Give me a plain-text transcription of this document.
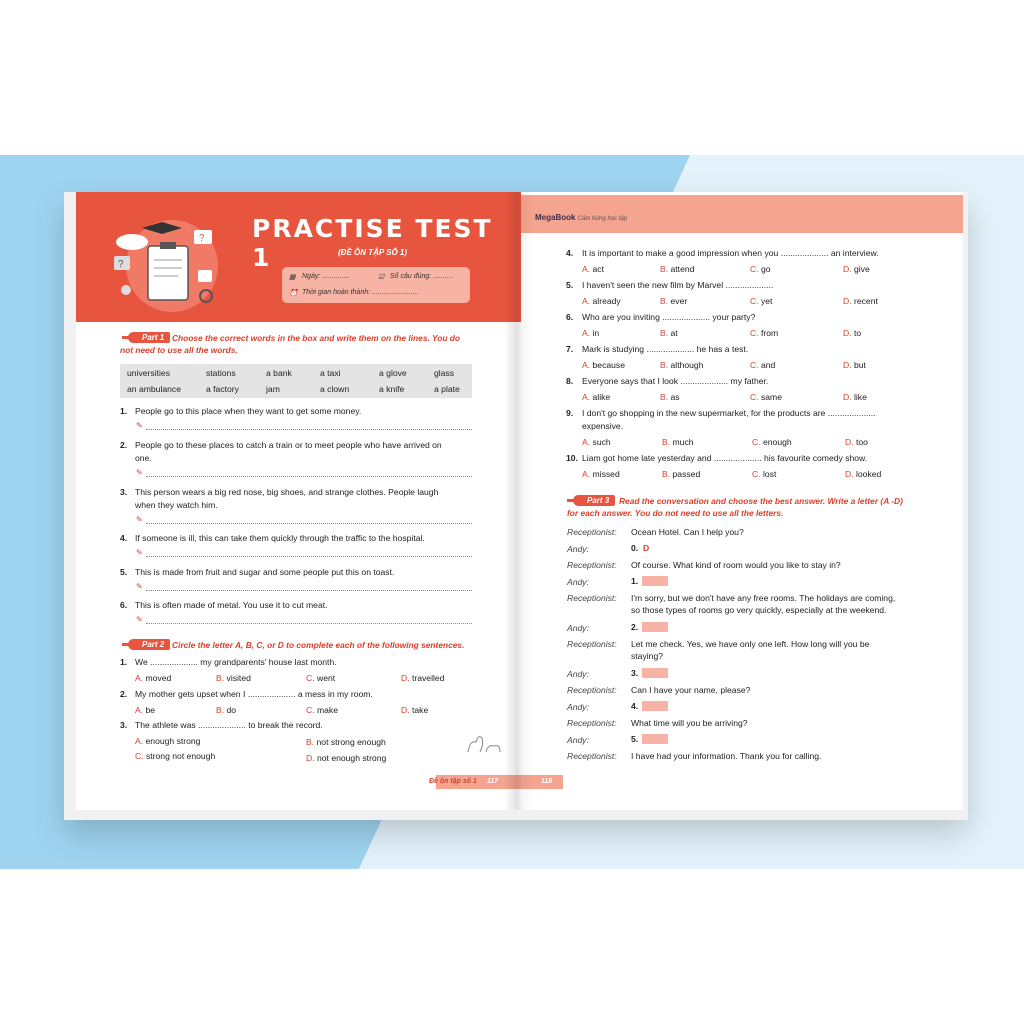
?
?
PRACTISE TEST 1	(ĐỀ ÔN TẬP SỐ 1)
▦ Ngày: ..............	☑ Số câu đúng: ..........
⏰ Thời gian hoàn thành: ........................
Part 1 Choose the correct words in the box and write them on the lines. You do
not need to use all the words.
universities	stations	a bank	a taxi	a glove	glass
an ambulance	a factory	jam	a clown	a knife	a plate
1. People go to this place when they want to get some money.
✎
2. People go to these places to catch a train or to meet people who have arrived on
one.
✎
3. This person wears a big red nose, big shoes, and strange clothes. People laugh
when they watch him.
✎
4. If someone is ill, this can take them quickly through the traffic to the hospital.
✎
5. This is made from fruit and sugar and some people put this on toast.
✎
6. This is often made of metal. You use it to cut meat.
✎
Part 2 Circle the letter A, B, C, or D to complete each of the following sentences.
1. We .................... my grandparents' house last month.
A. moved	B. visited	C. went	D. travelled
2. My mother gets upset when I .................... a mess in my room.
A. be	B. do	C. make	D. take
3. The athlete was .................... to break the record.
A. enough strong	B. not strong enough
C. strong not enough	D. not enough strong
Đề ôn tập số 1 117
MegaBook Cảm hứng học tập
4. It is important to make a good impression when you .................... an interview.
A. act	B. attend	C. go	D. give
5. I haven't seen the new film by Marvel ....................
A. already	B. ever	C. yet	D. recent
6. Who are you inviting .................... your party?
A. in	B. at	C. from	D. to
7. Mark is studying .................... he has a test.
A. because	B. although	C. and	D. but
8. Everyone says that I look .................... my father.
A. alike	B. as	C. same	D. like
9. I don't go shopping in the new supermarket, for the products are ....................
expensive.
A. such	B. much	C. enough	D. too
10. Liam got home late yesterday and .................... his favourite comedy show.
A. missed	B. passed	C. lost	D. looked
Part 3	Read the conversation and choose the best answer. Write a letter (A -D)
for each answer. You do not need to use all the letters.
Receptionist: Ocean Hotel. Can I help you?
Andy:	0. D
Receptionist: Of course. What kind of room would you like to stay in?
Andy:	1.
Receptionist: I'm sorry, but we don't have any free rooms. The holidays are coming,
so those types of rooms go very quickly, especially at the weekend.
Andy:	2.
Receptionist: Let me check. Yes, we have only one left. How long will you be
staying?
Andy:	3.
Receptionist: Can I have your name, please?
Andy:	4.
Receptionist: What time will you be arriving?
Andy:	5.
Receptionist: I have had your information. Thank you for calling.
118
